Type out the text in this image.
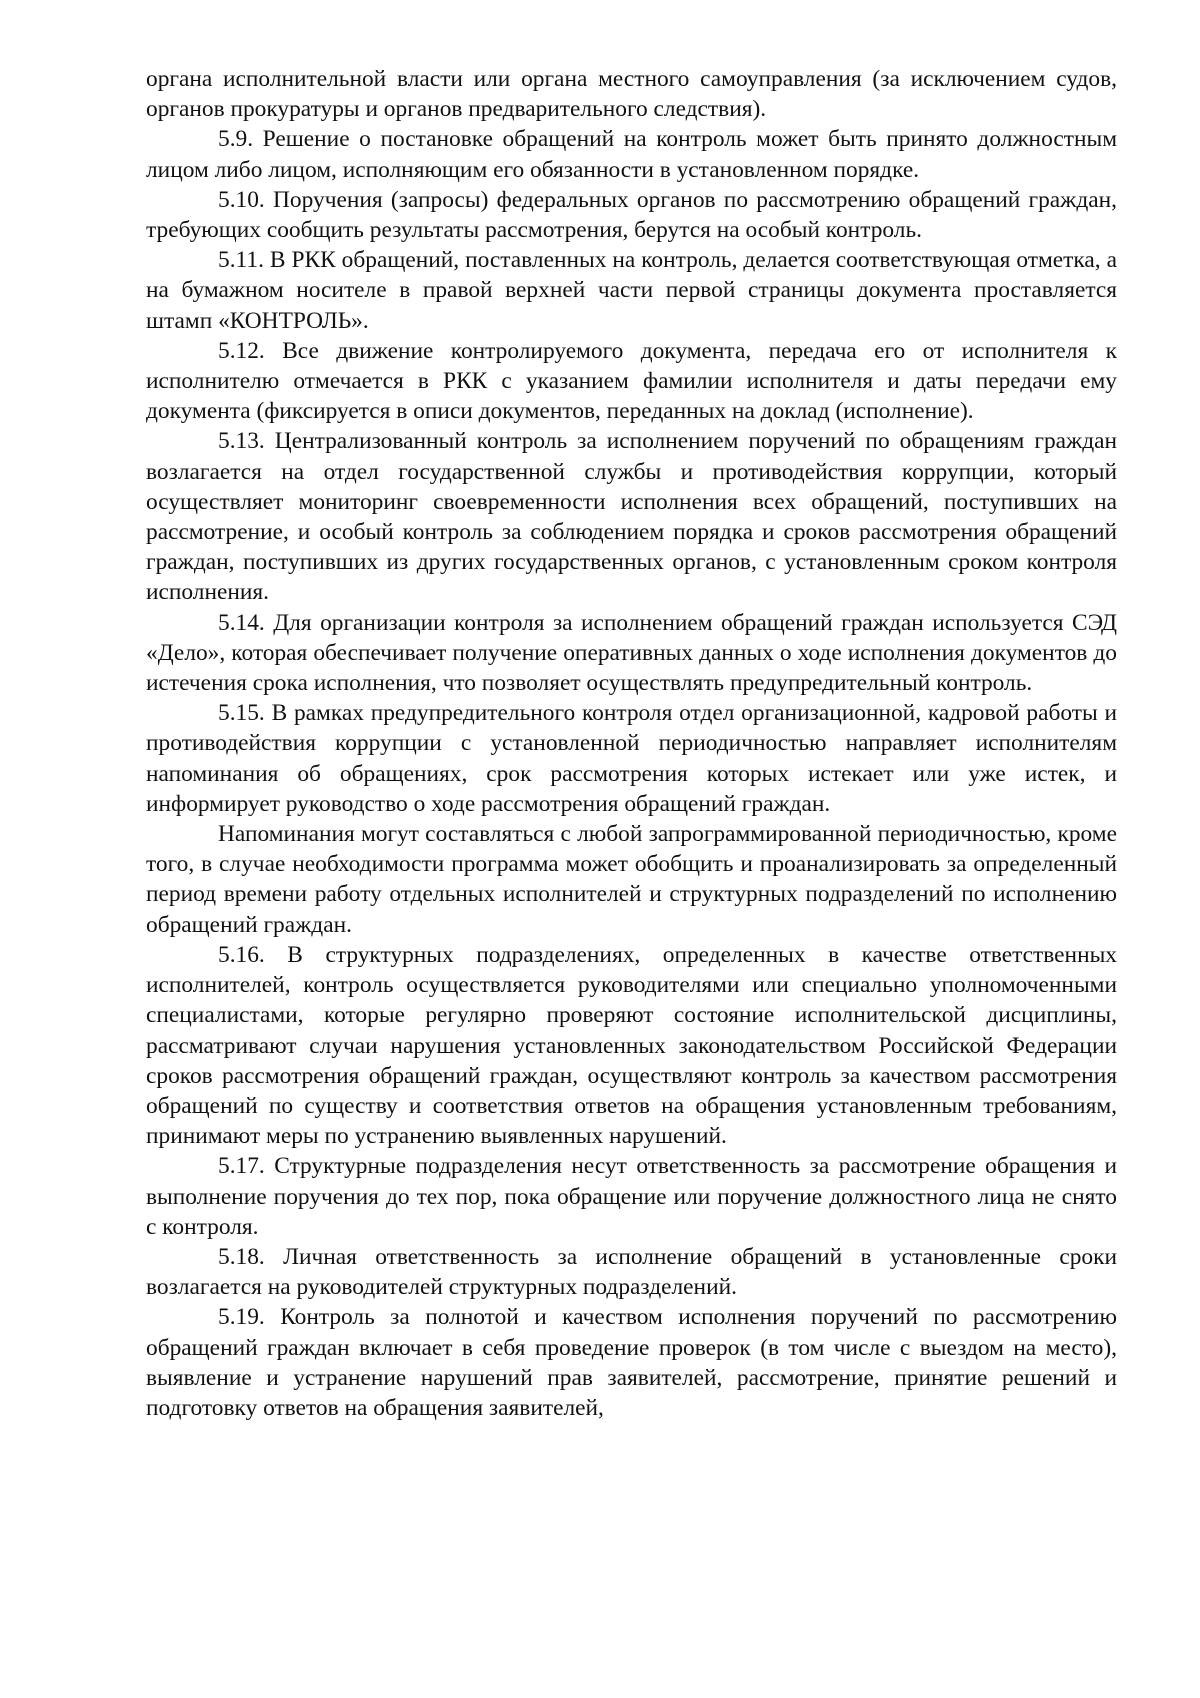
органа исполнительной власти или органа местного самоуправления (за исключением судов, органов прокуратуры и органов предварительного следствия).

5.9. Решение о постановке обращений на контроль может быть принято должностным лицом либо лицом, исполняющим его обязанности в установленном порядке.

5.10. Поручения (запросы) федеральных органов по рассмотрению обращений граждан, требующих сообщить результаты рассмотрения, берутся на особый контроль.

5.11. В РКК обращений, поставленных на контроль, делается соответствующая отметка, а на бумажном носителе в правой верхней части первой страницы документа проставляется штамп «КОНТРОЛЬ».

5.12. Все движение контролируемого документа, передача его от исполнителя к исполнителю отмечается в РКК с указанием фамилии исполнителя и даты передачи ему документа (фиксируется в описи документов, переданных на доклад (исполнение).

5.13. Централизованный контроль за исполнением поручений по обращениям граждан возлагается на отдел государственной службы и противодействия коррупции, который осуществляет мониторинг своевременности исполнения всех обращений, поступивших на рассмотрение, и особый контроль за соблюдением порядка и сроков рассмотрения обращений граждан, поступивших из других государственных органов, с установленным сроком контроля исполнения.

5.14. Для организации контроля за исполнением обращений граждан используется СЭД «Дело», которая обеспечивает получение оперативных данных о ходе исполнения документов до истечения срока исполнения, что позволяет осуществлять предупредительный контроль.

5.15. В рамках предупредительного контроля отдел организационной, кадровой работы и противодействия коррупции с установленной периодичностью направляет исполнителям напоминания об обращениях, срок рассмотрения которых истекает или уже истек, и информирует руководство о ходе рассмотрения обращений граждан.

Напоминания могут составляться с любой запрограммированной периодичностью, кроме того, в случае необходимости программа может обобщить и проанализировать за определенный период времени работу отдельных исполнителей и структурных подразделений по исполнению обращений граждан.

5.16. В структурных подразделениях, определенных в качестве ответственных исполнителей, контроль осуществляется руководителями или специально уполномоченными специалистами, которые регулярно проверяют состояние исполнительской дисциплины, рассматривают случаи нарушения установленных законодательством Российской Федерации сроков рассмотрения обращений граждан, осуществляют контроль за качеством рассмотрения обращений по существу и соответствия ответов на обращения установленным требованиям, принимают меры по устранению выявленных нарушений.

5.17. Структурные подразделения несут ответственность за рассмотрение обращения и выполнение поручения до тех пор, пока обращение или поручение должностного лица не снято с контроля.

5.18. Личная ответственность за исполнение обращений в установленные сроки возлагается на руководителей структурных подразделений.

5.19. Контроль за полнотой и качеством исполнения поручений по рассмотрению обращений граждан включает в себя проведение проверок (в том числе с выездом на место), выявление и устранение нарушений прав заявителей, рассмотрение, принятие решений и подготовку ответов на обращения заявителей,
